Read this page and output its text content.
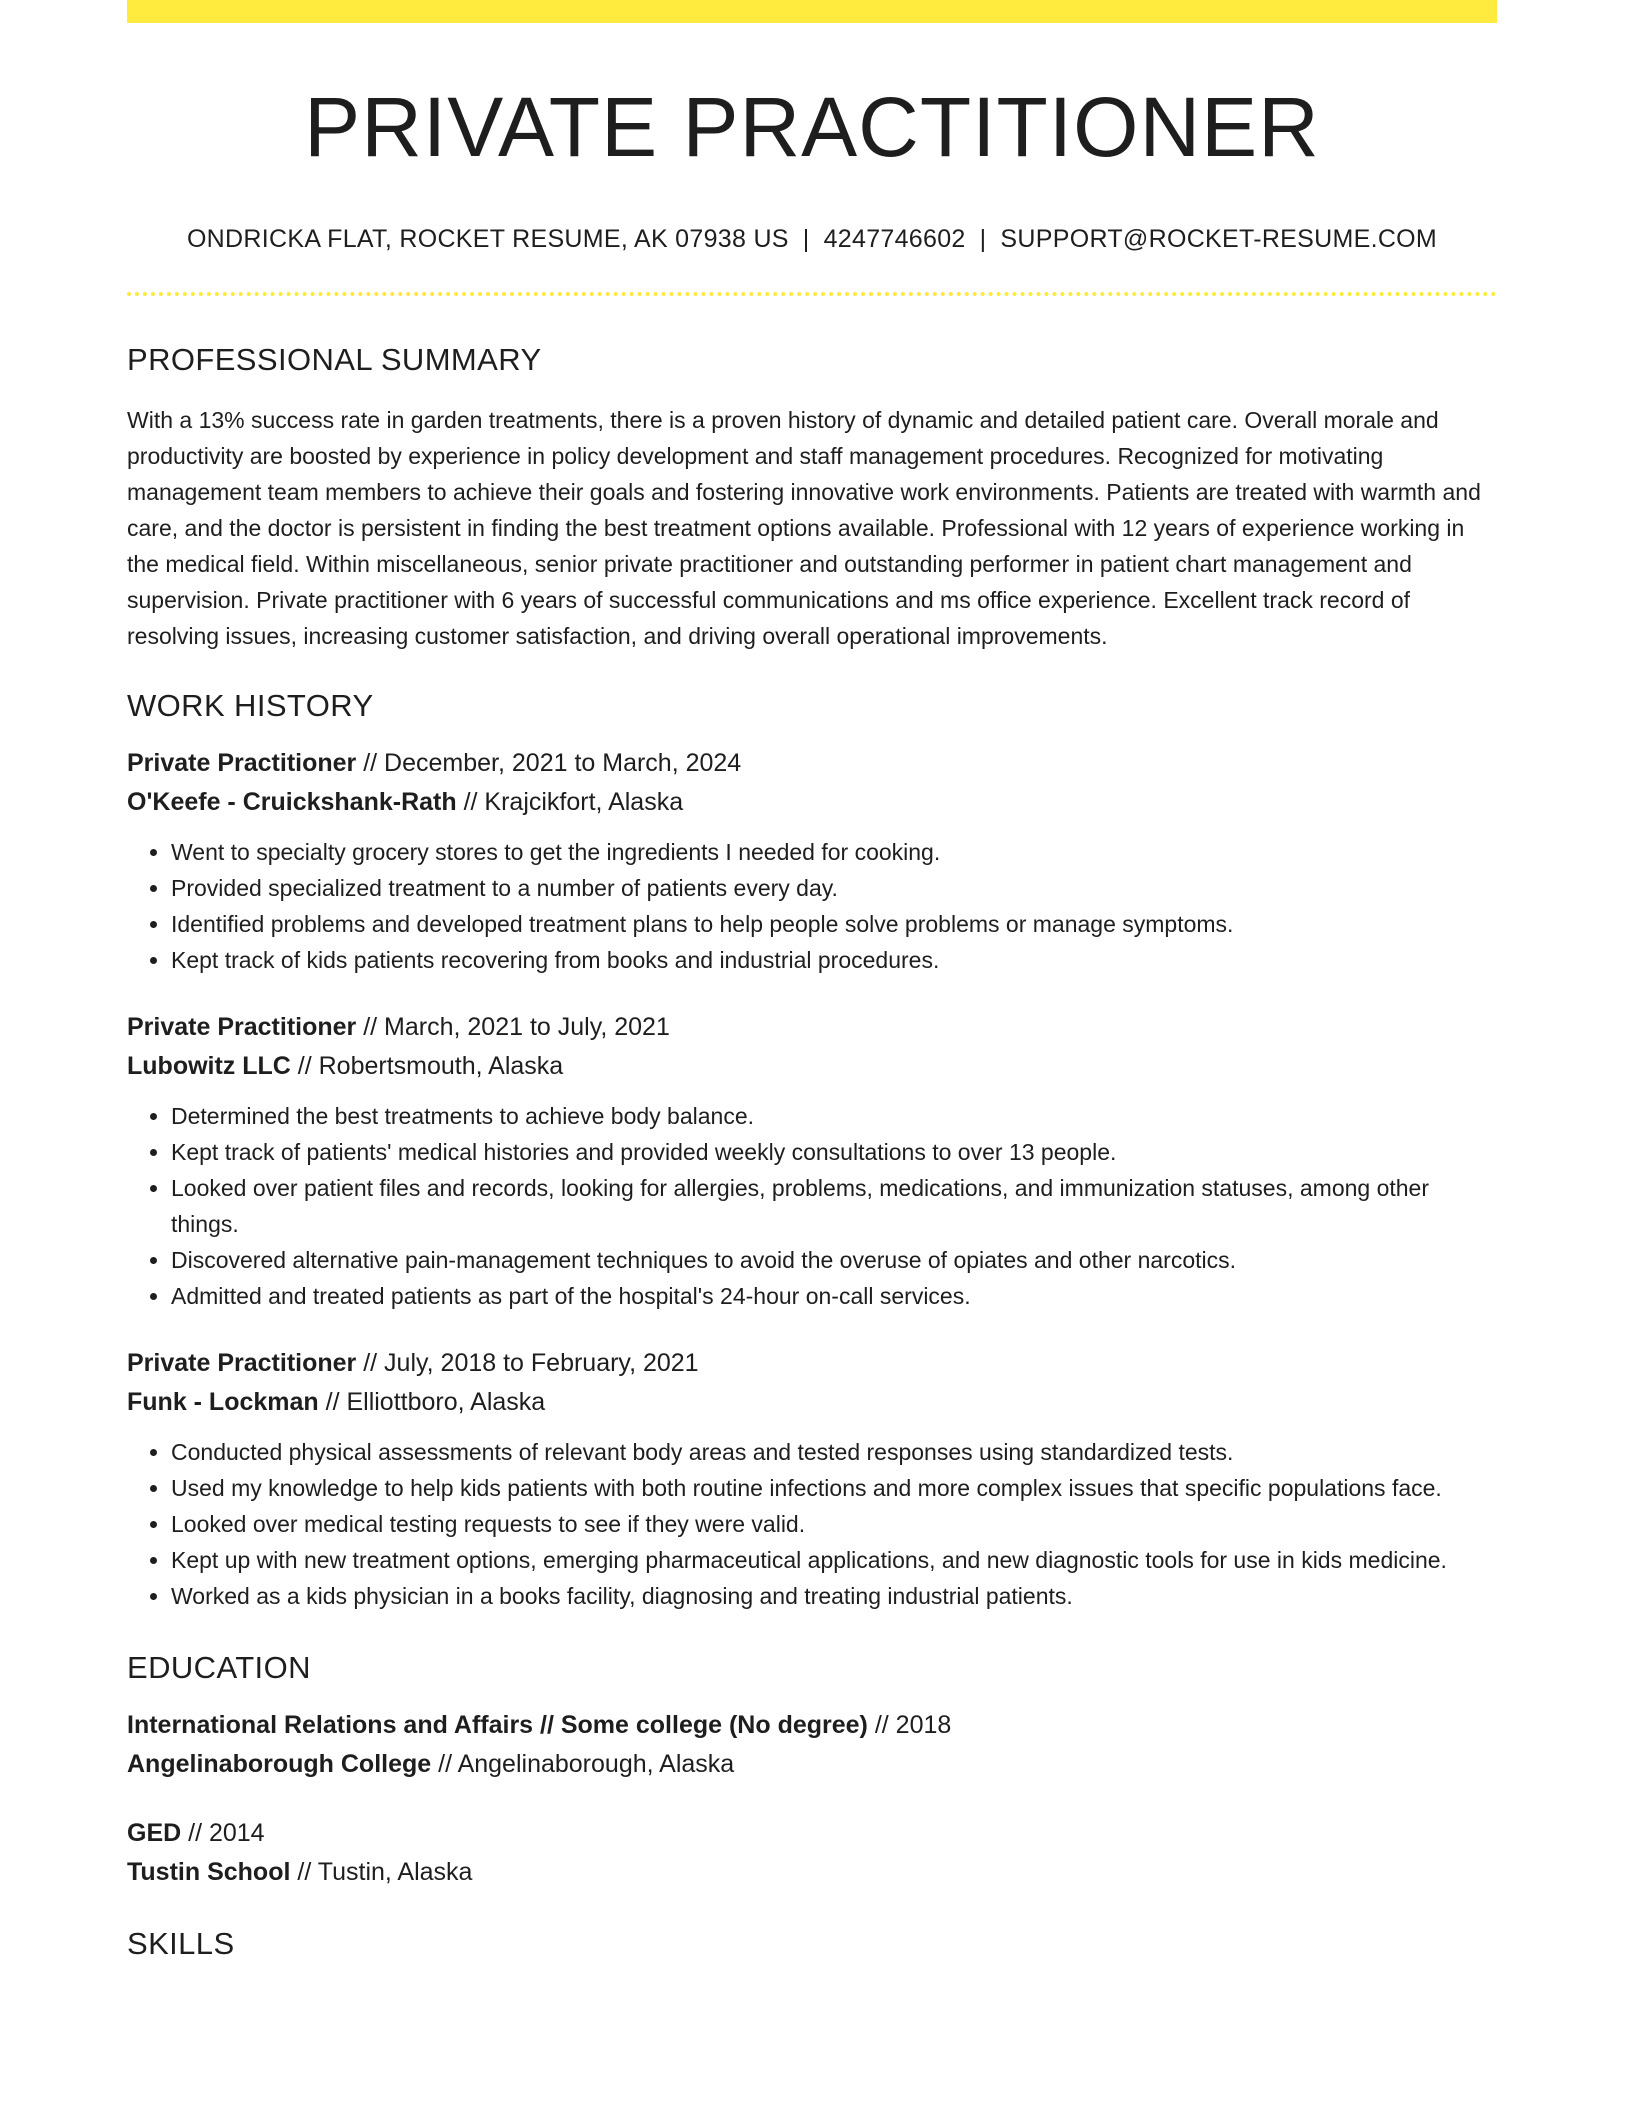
PRIVATE PRACTITIONER
ONDRICKA FLAT, ROCKET RESUME, AK 07938 US | 4247746602 | SUPPORT@ROCKET-RESUME.COM
PROFESSIONAL SUMMARY
With a 13% success rate in garden treatments, there is a proven history of dynamic and detailed patient care. Overall morale and productivity are boosted by experience in policy development and staff management procedures. Recognized for motivating management team members to achieve their goals and fostering innovative work environments. Patients are treated with warmth and care, and the doctor is persistent in finding the best treatment options available. Professional with 12 years of experience working in the medical field. Within miscellaneous, senior private practitioner and outstanding performer in patient chart management and supervision. Private practitioner with 6 years of successful communications and ms office experience. Excellent track record of resolving issues, increasing customer satisfaction, and driving overall operational improvements.
WORK HISTORY
Private Practitioner // December, 2021 to March, 2024
O'Keefe - Cruickshank-Rath // Krajcikfort, Alaska
• Went to specialty grocery stores to get the ingredients I needed for cooking.
• Provided specialized treatment to a number of patients every day.
• Identified problems and developed treatment plans to help people solve problems or manage symptoms.
• Kept track of kids patients recovering from books and industrial procedures.
Private Practitioner // March, 2021 to July, 2021
Lubowitz LLC // Robertsmouth, Alaska
• Determined the best treatments to achieve body balance.
• Kept track of patients' medical histories and provided weekly consultations to over 13 people.
• Looked over patient files and records, looking for allergies, problems, medications, and immunization statuses, among other things.
• Discovered alternative pain-management techniques to avoid the overuse of opiates and other narcotics.
• Admitted and treated patients as part of the hospital's 24-hour on-call services.
Private Practitioner // July, 2018 to February, 2021
Funk - Lockman // Elliottboro, Alaska
• Conducted physical assessments of relevant body areas and tested responses using standardized tests.
• Used my knowledge to help kids patients with both routine infections and more complex issues that specific populations face.
• Looked over medical testing requests to see if they were valid.
• Kept up with new treatment options, emerging pharmaceutical applications, and new diagnostic tools for use in kids medicine.
• Worked as a kids physician in a books facility, diagnosing and treating industrial patients.
EDUCATION
International Relations and Affairs // Some college (No degree) // 2018
Angelinaborough College // Angelinaborough, Alaska
GED // 2014
Tustin School // Tustin, Alaska
SKILLS
